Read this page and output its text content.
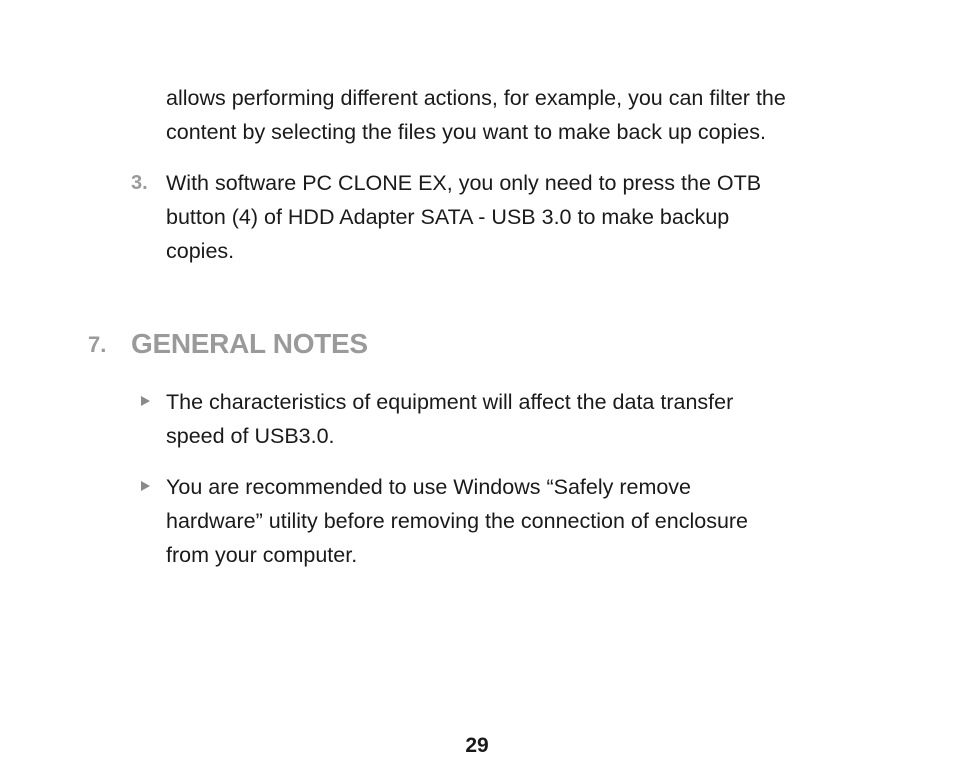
allows performing different actions, for example, you can filter the
content by selecting the files you want to make back up copies.

3. With software PC CLONE EX, you only need to press the OTB
button (4) of HDD Adapter SATA - USB 3.0 to make backup
copies.

7. GENERAL NOTES

The characteristics of equipment will affect the data transfer
speed of USB3.0.

You are recommended to use Windows “Safely remove
hardware” utility before removing the connection of enclosure
from your computer.

29
